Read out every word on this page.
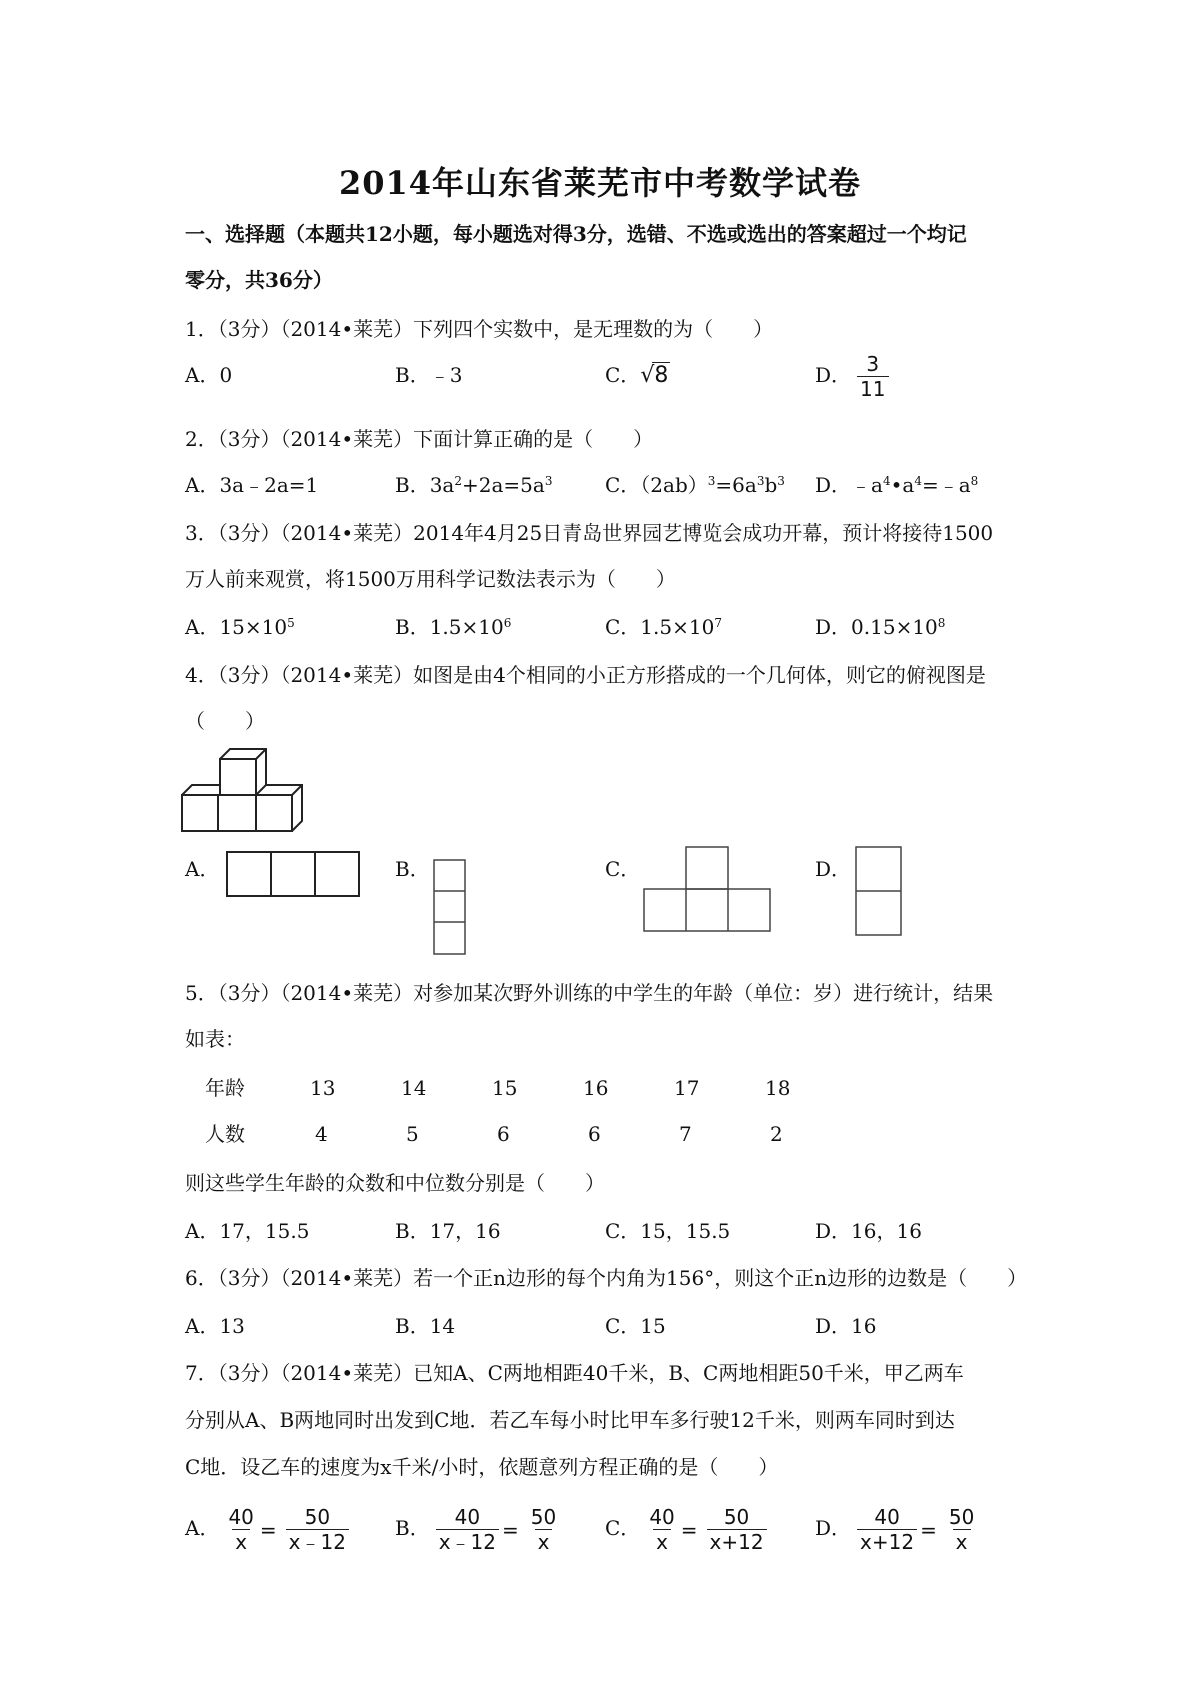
2014年山东省莱芜市中考数学试卷
一、选择题（本题共12小题，每小题选对得3分，选错、不选或选出的答案超过一个均记
零分，共36分）
1．（3分）（2014•莱芜）下列四个实数中，是无理数的为（　　）
A．0	B．﹣3	C．√8	D． $\frac{3}{11}$
2．（3分）（2014•莱芜）下面计算正确的是（　　）
A．3a﹣2a=1	B．$3a^2+2a=5a^3$	C．$(2ab)^3=6a^3b^3$ D．$﹣a^4•a^4=﹣a^8$
3．（3分）（2014•莱芜）2014年4月25日青岛世界园艺博览会成功开幕，预计将接待1500
万人前来观赏，将1500万用科学记数法表示为（　　）
A．$15\times 10^5$	B．$1.5\times 10^6$	C．$1.5\times 10^7$	D．$0.15\times 10^8$
4．（3分）（2014•莱芜）如图是由4个相同的小正方形搭成的一个几何体，则它的俯视图是
（　　）
A．	B．	C．	D．
5．（3分）（2014•莱芜）对参加某次野外训练的中学生的年龄（单位：岁）进行统计，结果
如表：
年龄	13	14	15	16	17	18
人数	4	5	6	6	7	2
则这些学生年龄的众数和中位数分别是（　　）
A．17，15.5	B．17，16	C．15，15.5	D．16，16
6．（3分）（2014•莱芜）若一个正n边形的每个内角为156°，则这个正n边形的边数是（　　）
A．13	B．14	C．15	D．16
7．（3分）（2014•莱芜）已知A、C两地相距40千米，B、C两地相距50千米，甲乙两车
分别从A、B两地同时出发到C地．若乙车每小时比甲车多行驶12千米，则两车同时到达
C地．设乙车的速度为x千米/小时，依题意列方程正确的是（　　）
A． $\frac{40}{x} = \frac{50}{x﹣12}$ B． $\frac{40}{x﹣12} = \frac{50}{x}$ C． $\frac{40}{x} = \frac{50}{x+12}$ D． $\frac{40}{x+12} = \frac{50}{x}$
